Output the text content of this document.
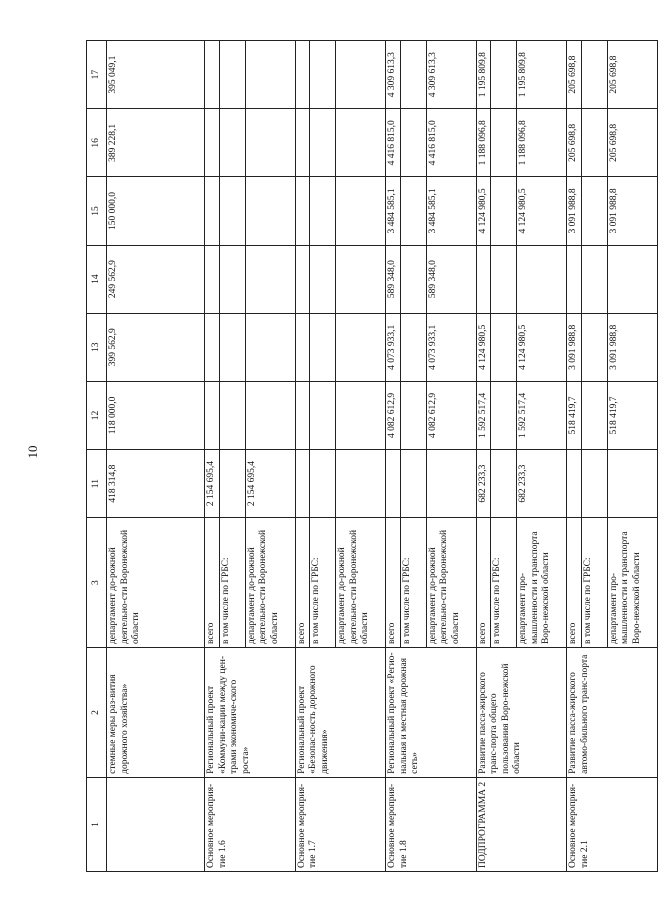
10
1	2	3	11	12	13	14	15	16	17
	стемные меры раз-вития дорожного хозяйства»	департамент до-рожной деятельно-сти Воронежской области	418 314,8	118 000,0	399 562,9	249 562,9	150 000,0	389 228,1	395 049,1
Основное мероприя-тие 1.6	Региональный проект «Коммуни-кации между цен-трами экономиче-ского роста»	всего	2 154 695,4						
		в том числе по ГРБС:							
		департамент до-рожной деятельно-сти Воронежской области	2 154 695,4						
Основное мероприя-тие 1.7	Региональный проект «Безопас-ность дорожного движения»	всего							
		в том числе по ГРБС:							
		департамент до-рожной деятельно-сти Воронежской области							
Основное мероприя-тие 1.8	Региональный проект «Регио-нальная и местная дорожная сеть»	всего		4 082 612,9	4 073 933,1	589 348,0	3 484 585,1	4 416 815,0	4 309 613,3
		в том числе по ГРБС:							
		департамент до-рожной деятельно-сти Воронежской области		4 082 612,9	4 073 933,1	589 348,0	3 484 585,1	4 416 815,0	4 309 613,3
ПОДПРОГРАММА 2	Развитие пасса-жирского транс-порта общего пользования Воро-нежской области	всего	682 233,3	1 592 517,4	4 124 980,5		4 124 980,5	1 188 096,8	1 195 809,8
		в том числе по ГРБС:							
		департамент про-мышленности и транспорта Воро-нежской области	682 233,3	1 592 517,4	4 124 980,5		4 124 980,5	1 188 096,8	1 195 809,8
Основное мероприя-тие 2.1	Развитие пасса-жирского автомо-бильного транс-порта	всего		518 419,7	3 091 988,8		3 091 988,8	205 698,8	205 698,8
		в том числе по ГРБС:							
		департамент про-мышленности и транспорта Воро-нежской области		518 419,7	3 091 988,8		3 091 988,8	205 698,8	205 698,8
